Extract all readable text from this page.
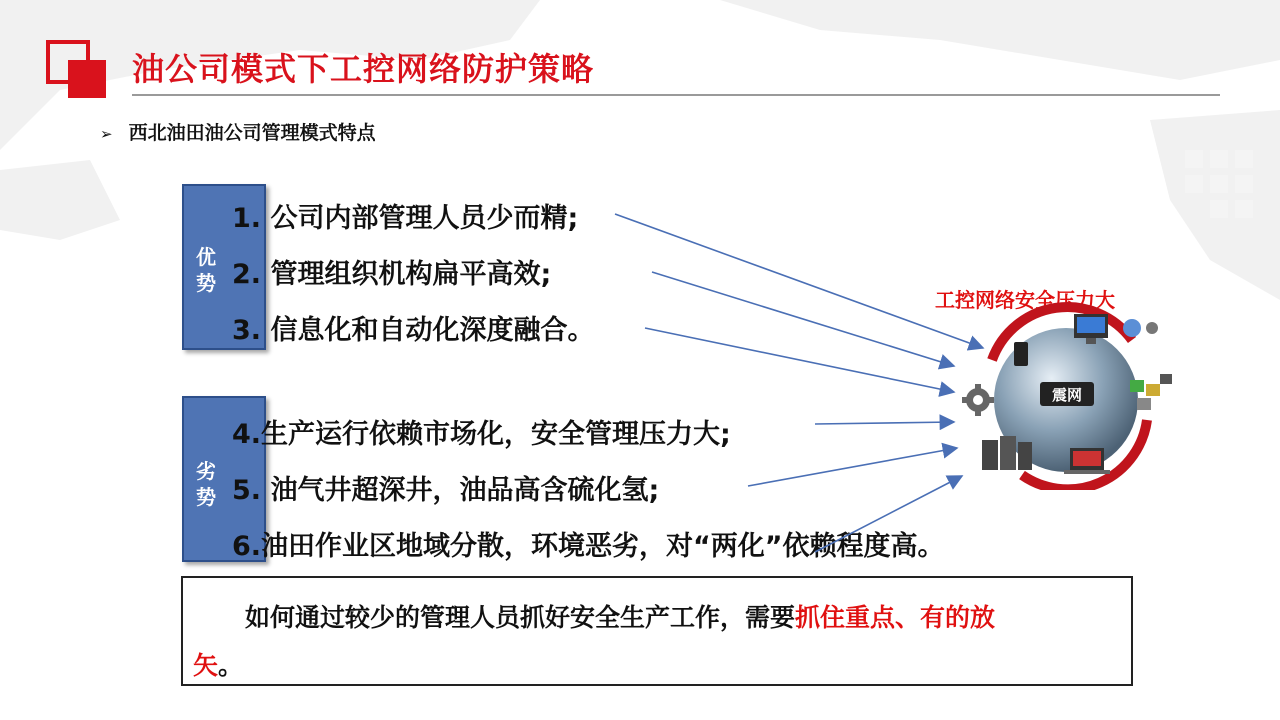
油公司模式下工控网络防护策略
➢ 西北油田油公司管理模式特点
优
势
劣
势
1. 公司内部管理人员少而精;
2. 管理组织机构扁平高效;
3. 信息化和自动化深度融合。
4.生产运行依赖市场化，安全管理压力大;
5. 油气井超深井，油品高含硫化氢;
6.油田作业区地域分散，环境恶劣，对“两化”依赖程度高。
工控网络安全压力大
震网
如何通过较少的管理人员抓好安全生产工作，需要抓住重点、有的放
矢。
